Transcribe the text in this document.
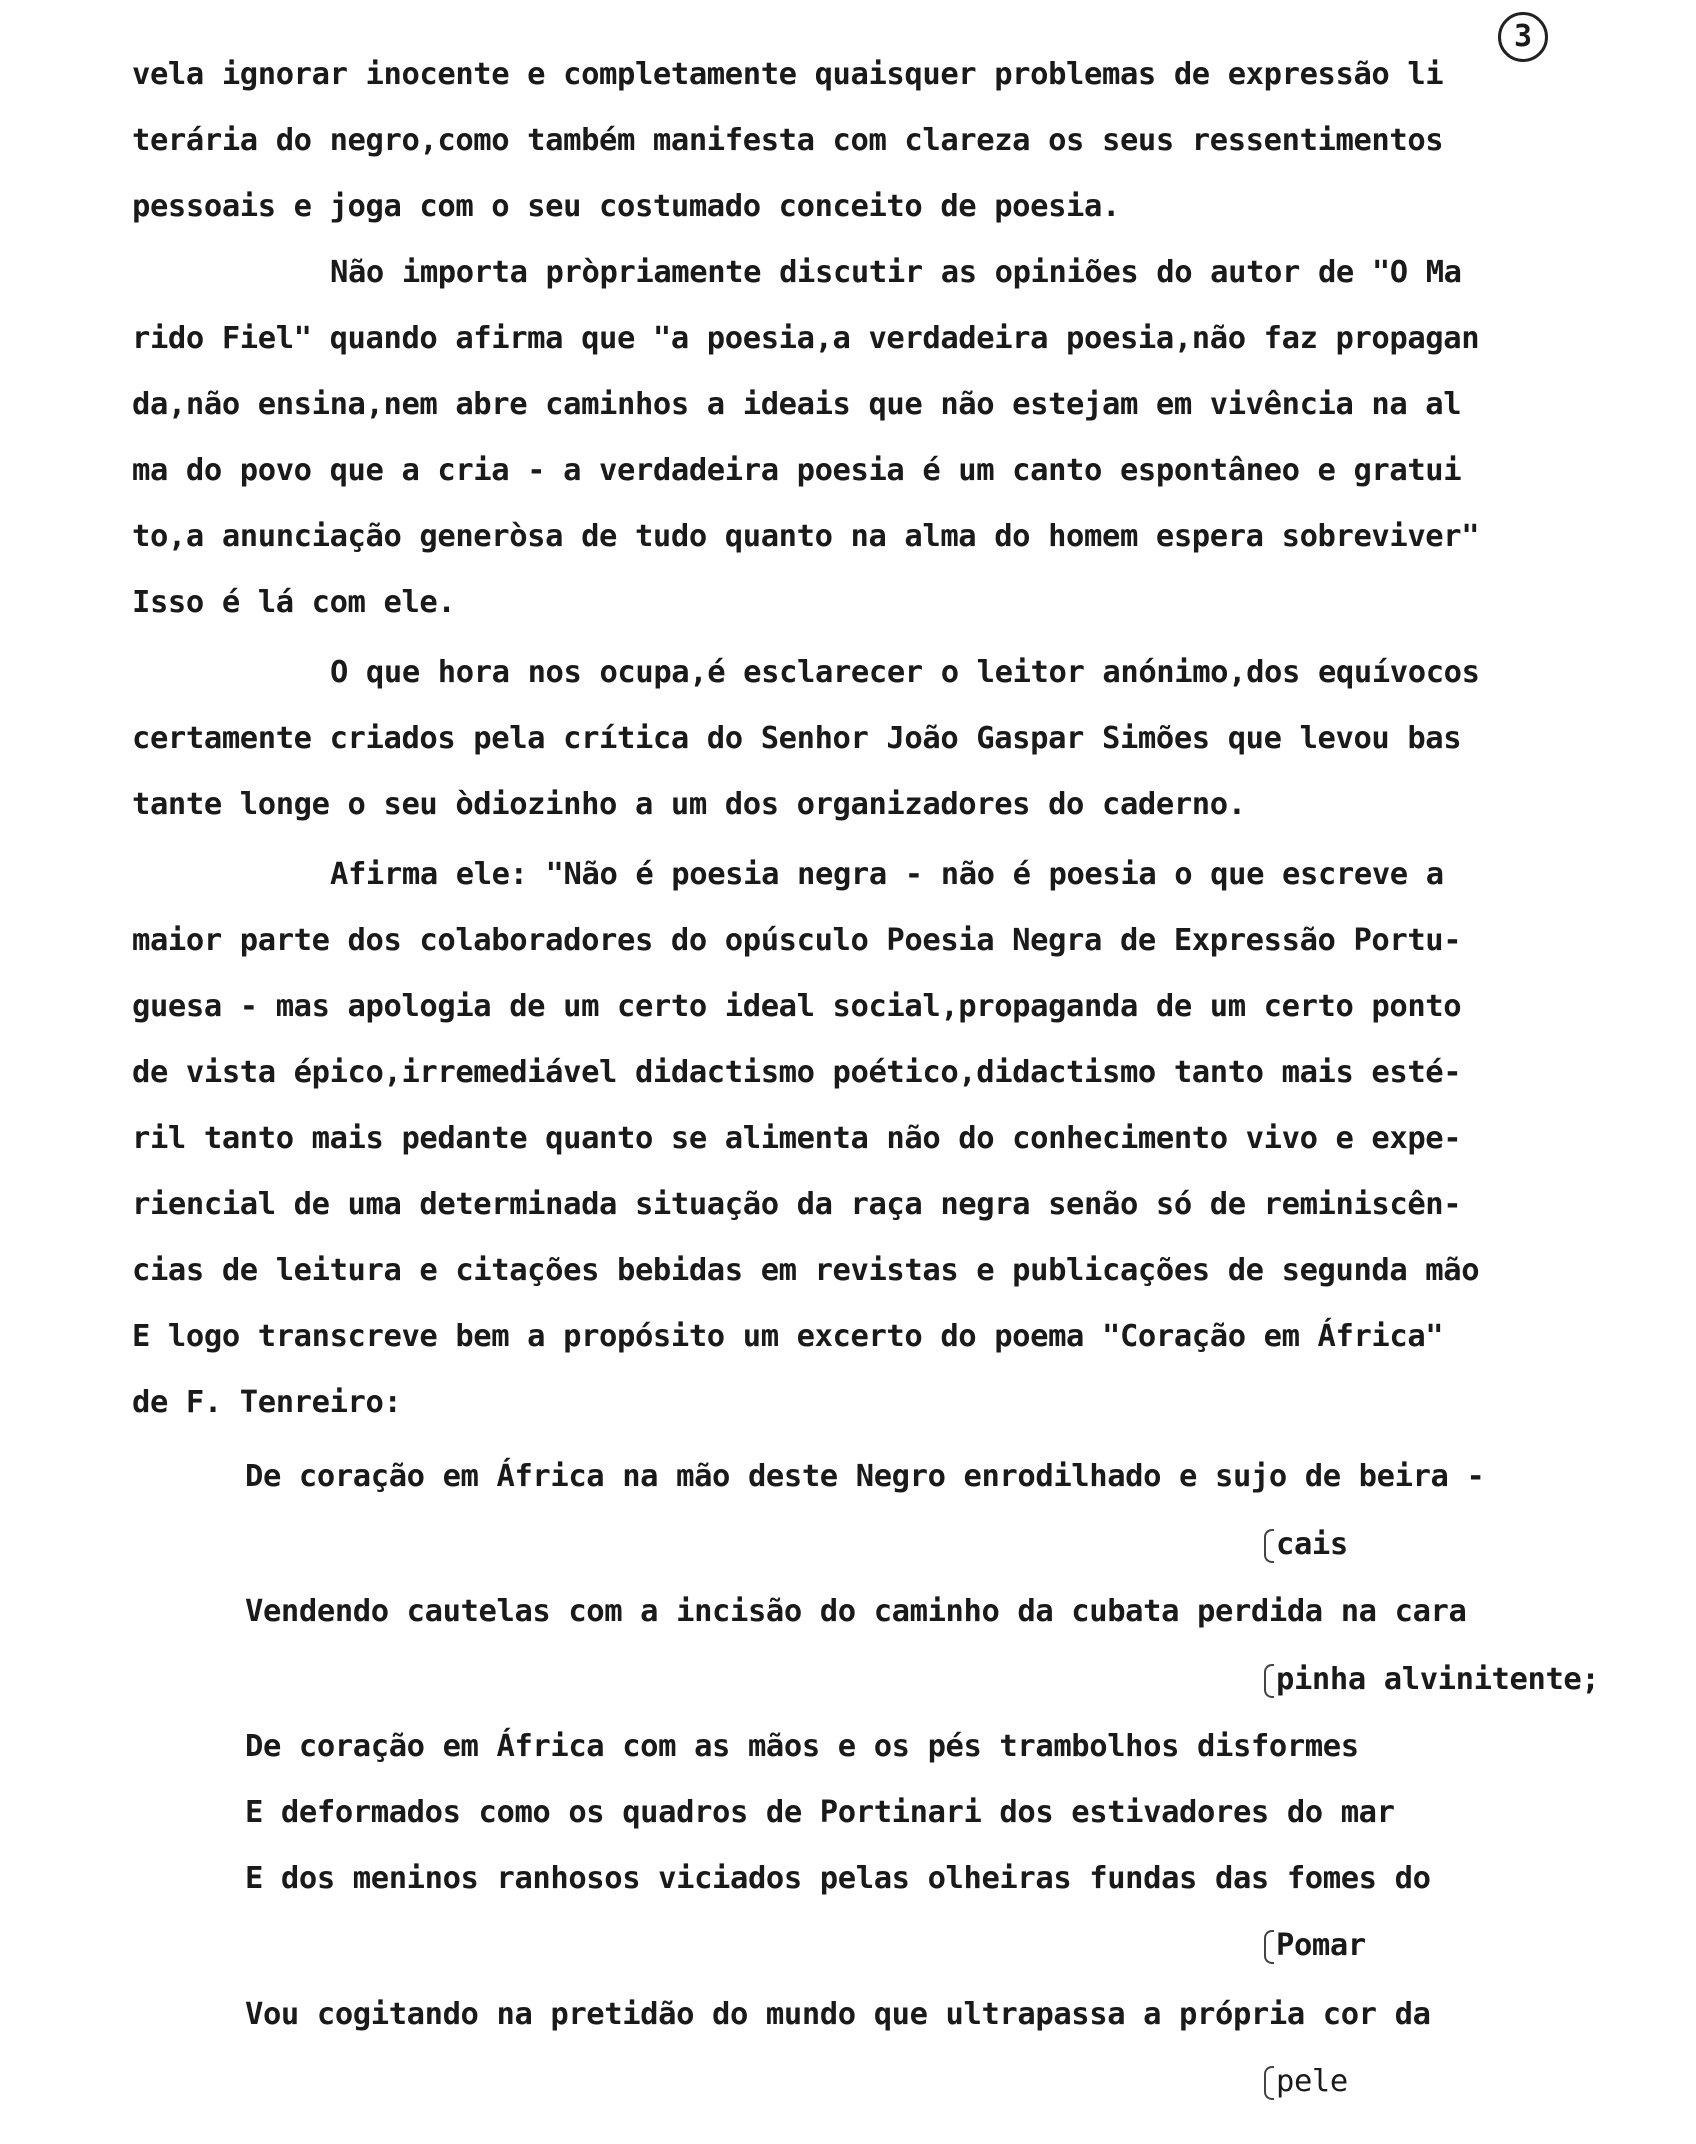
3
vela ignorar inocente e completamente quaisquer problemas de expressão li
terária do negro,como também manifesta com clareza os seus ressentimentos
pessoais e joga com o seu costumado conceito de poesia.
Não importa pròpriamente discutir as opiniões do autor de "O Ma
rido Fiel" quando afirma que "a poesia,a verdadeira poesia,não faz propagan
da,não ensina,nem abre caminhos a ideais que não estejam em vivência na al
ma do povo que a cria - a verdadeira poesia é um canto espontâneo e gratui
to,a anunciação generòsa de tudo quanto na alma do homem espera sobreviver"
Isso é lá com ele.
O que hora nos ocupa,é esclarecer o leitor anónimo,dos equívocos
certamente criados pela crítica do Senhor João Gaspar Simões que levou bas
tante longe o seu òdiozinho a um dos organizadores do caderno.
Afirma ele: "Não é poesia negra - não é poesia o que escreve a
maior parte dos colaboradores do opúsculo Poesia Negra de Expressão Portu-
guesa - mas apologia de um certo ideal social,propaganda de um certo ponto
de vista épico,irremediável didactismo poético,didactismo tanto mais esté-
ril tanto mais pedante quanto se alimenta não do conhecimento vivo e expe-
riencial de uma determinada situação da raça negra senão só de reminiscên-
cias de leitura e citações bebidas em revistas e publicações de segunda mão
E logo transcreve bem a propósito um excerto do poema "Coração em África"
de F. Tenreiro:
De coração em África na mão deste Negro enrodilhado e sujo de beira -
cais
Vendendo cautelas com a incisão do caminho da cubata perdida na cara
pinha alvinitente;
De coração em África com as mãos e os pés trambolhos disformes
E deformados como os quadros de Portinari dos estivadores do mar
E dos meninos ranhosos viciados pelas olheiras fundas das fomes do
Pomar
Vou cogitando na pretidão do mundo que ultrapassa a própria cor da
pele
